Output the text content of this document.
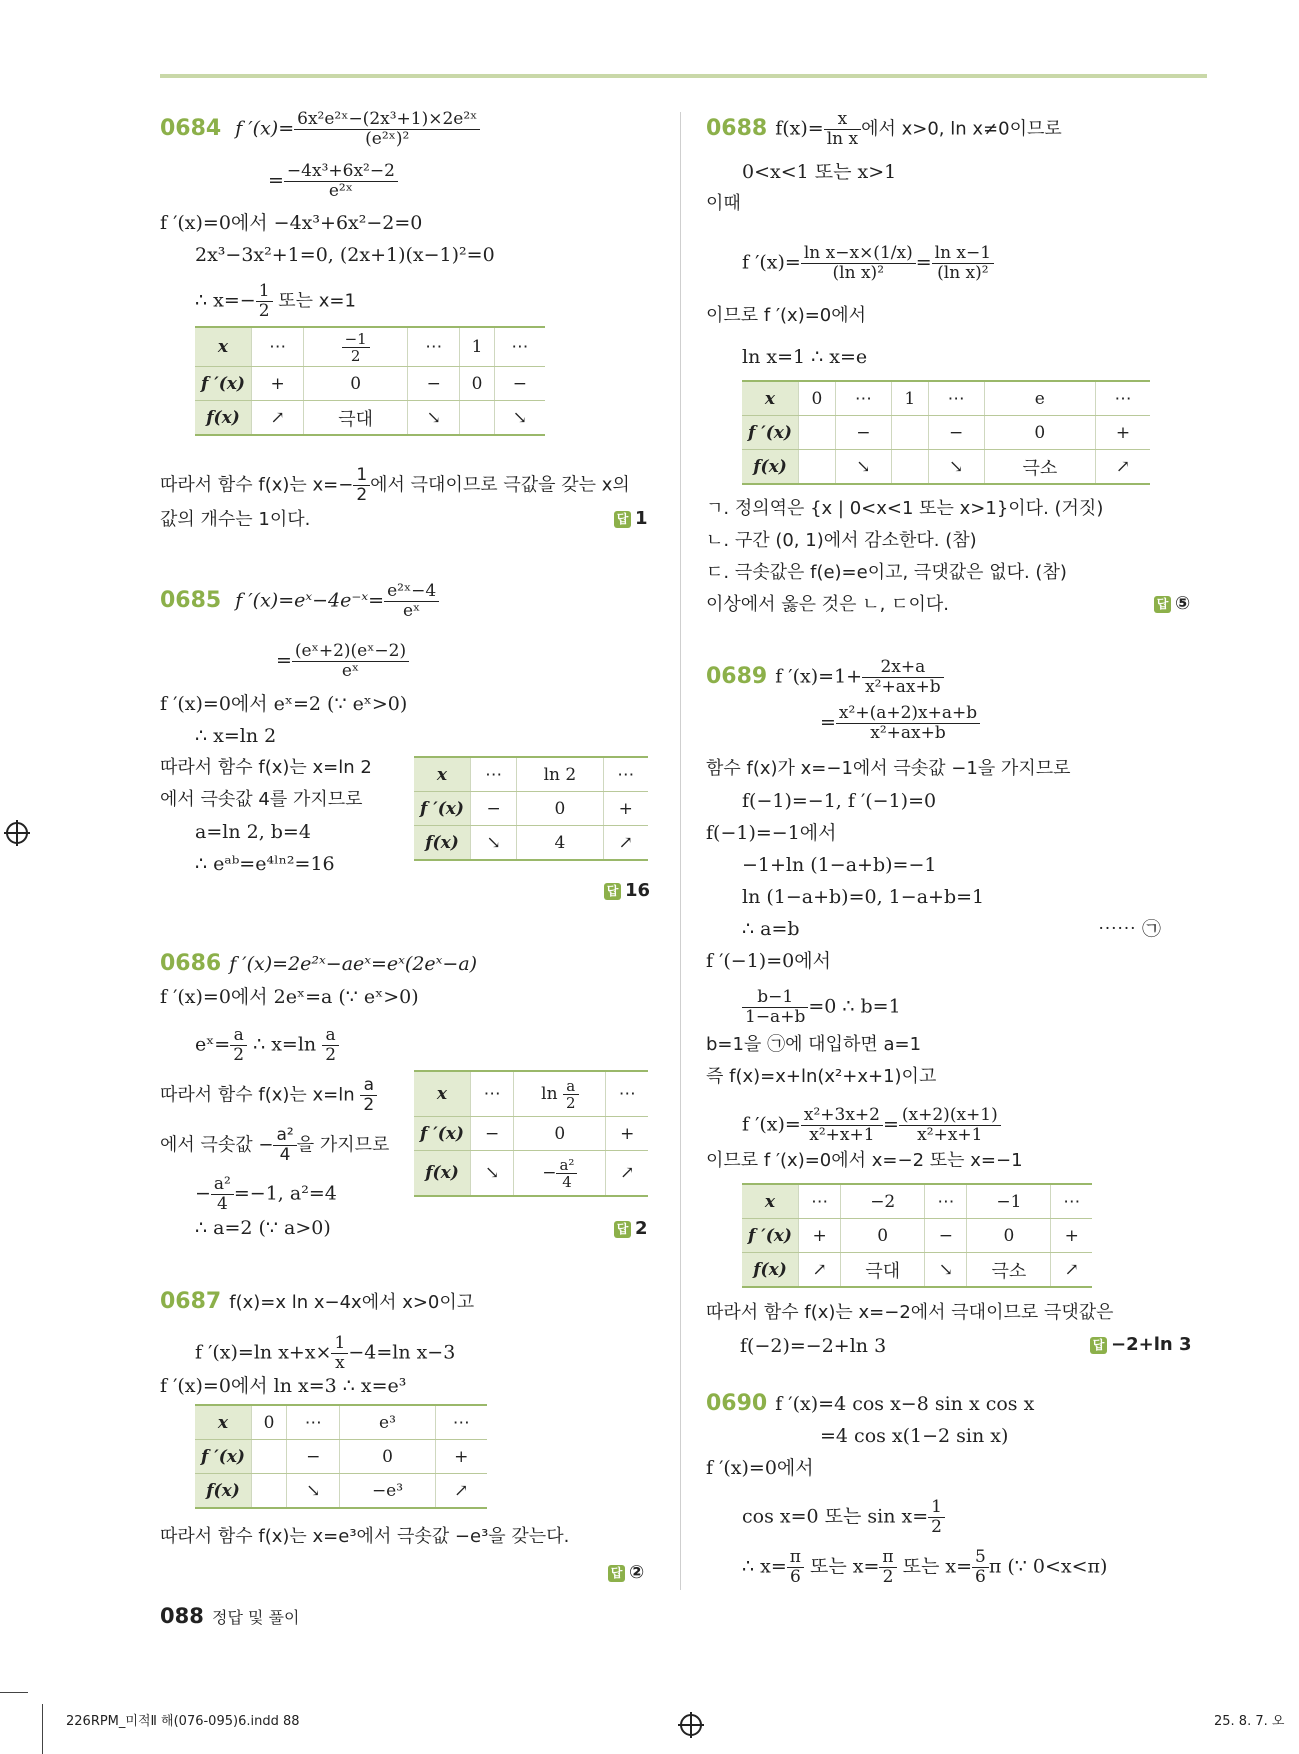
0684 f $'(x)= \frac{\text{6x²e²ˣ−(2x³+1)×2e²ˣ}}{\text{(e²ˣ)²}}$
= $\frac{\text{−4x³+6x²−2}}{\text{e²ˣ}}$
f ′(x)=0에서 −4x³+6x²−2=0
2x³−3x²+1=0, (2x+1)(x−1)²=0
∴ $x=- \frac{1}{2}$ 또는 x=1
x	⋯	$\frac{-1}{2}$	⋯	1	⋯
f ′(x)	+	0	−	0	−
f(x)	↗	극대	↘		↘
따라서 함수 f(x)는 $x=- \frac{1}{2}$ 에서 극대이므로 극값을 갖는 x의
값의 개수는 1이다.	답 1
0685 f ′(x)=eˣ−4e⁻ˣ= $\frac{\text{e²ˣ−4}}{\text{eˣ}}$
= $\frac{\text{(eˣ+2)(eˣ−2)}}{\text{eˣ}}$
f ′(x)=0에서 eˣ=2 (∵ eˣ>0)
∴ x=ln 2
따라서 함수 f(x)는 x=ln 2
에서 극솟값 4를 가지므로
a=ln 2, b=4
∴ eᵃᵇ=e⁴ˡⁿ²=16
x	⋯	ln 2	⋯
f ′(x)	−	0	+
f(x)	↘	4	↗
답 16
0686 f ′(x)=2e²ˣ−aeˣ=eˣ(2eˣ−a)
f ′(x)=0에서 2eˣ=a (∵ eˣ>0)
eˣ= $\frac{a}{2}$ ∴ $x=\ln \frac{a}{2}$
따라서 함수 f(x)는 $x=\ln \frac{a}{2}$
에서 극솟값 − $\frac{\text{a²}}{4}$ 을 가지므로
− $\frac{\text{a²}}{4} =-1$, a²=4
∴ a=2 (∵ a>0)
x	⋯	$\ln \frac{a}{2}$	⋯
f ′(x)	−	0	+
f(x)	↘	− $\frac{\text{a²}}{4}$	↗
답 2
0687 f(x)=x ln x−4x에서 x>0이고
f ′(x)=ln $x+x\times \frac{1}{x} -4=\ln$ x−3
f ′(x)=0에서 ln x=3 ∴ x=e³
x	0	⋯	e³	⋯
f ′(x)		−	0	+
f(x)		↘	−e³	↗
따라서 함수 f(x)는 x=e³에서 극솟값 −e³을 갖는다.
답 ②
0688 $f(x)= \frac{x}{\text{ln x}}$ 에서 x>0, ln x≠0이므로
0<x<1 또는 x>1
이때
f $'(x)= \frac{\text{ln x−x×(1/x)}}{\text{(ln x)²}} = \frac{\text{ln x−1}}{\text{(ln x)²}}$
이므로 f ′(x)=0에서
ln x=1 ∴ x=e
x	0	⋯	1	⋯	e	⋯
f ′(x)		−		−	0	+
f(x)		↘		↘	극소	↗
ㄱ. 정의역은 {x | 0<x<1 또는 x>1}이다. (거짓)
ㄴ. 구간 (0, 1)에서 감소한다. (참)
ㄷ. 극솟값은 f(e)=e이고, 극댓값은 없다. (참)
이상에서 옳은 것은 ㄴ, ㄷ이다.	답 ⑤
0689 f $'(x)=1+ \frac{2x+a}{\text{x²+ax+b}}$
= $\frac{\text{x²+(a+2)x+a+b}}{\text{x²+ax+b}}$
함수 f(x)가 x=−1에서 극솟값 −1을 가지므로
f(−1)=−1, f ′(−1)=0
f(−1)=−1에서
−1+ln (1−a+b)=−1
ln (1−a+b)=0, 1−a+b=1
∴ a=b	⋯⋯ ㉠
f ′(−1)=0에서
$\frac{b-1}{1-a+b} =0$ ∴ b=1
b=1을 ㉠에 대입하면 a=1
즉 f(x)=x+ln(x²+x+1)이고
f $'(x)= \frac{\text{x²+3x+2}}{\text{x²+x+1}} = \frac{(x+2)(x+1)}{\text{x²+x+1}}$
이므로 f ′(x)=0에서 x=−2 또는 x=−1
x	⋯	−2	⋯	−1	⋯
f ′(x)	+	0	−	0	+
f(x)	↗	극대	↘	극소	↗
따라서 함수 f(x)는 x=−2에서 극대이므로 극댓값은
f(−2)=−2+ln 3	답 −2+ln 3
0690 f ′(x)=4 cos x−8 sin x cos x
=4 cos x(1−2 sin x)
f ′(x)=0에서
cos x=0 또는 $\sin x= \frac{1}{2}$
∴ $x= \frac{\pi}{6}$ 또는 $x= \frac{\pi}{2}$ 또는 $x= \frac{5}{6}$ π (∵ 0<x<π)
088 정답 및 풀이
226RPM_미적Ⅱ 해(076-095)6.indd 88	25. 8. 7. 오
